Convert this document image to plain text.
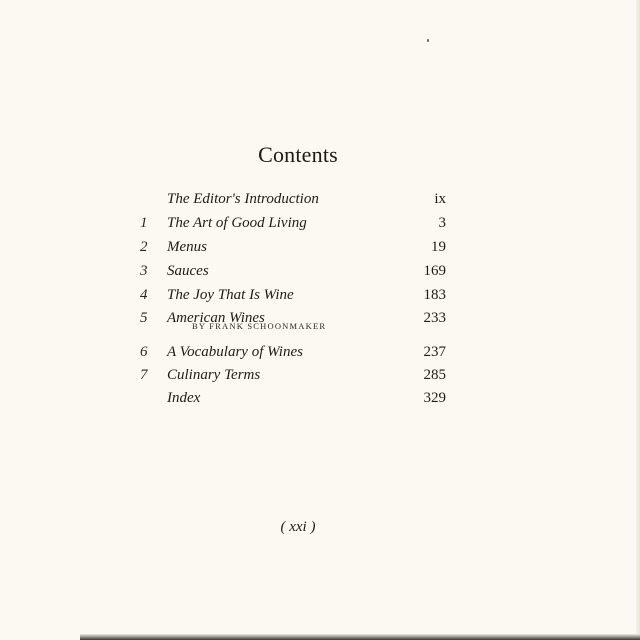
Contents
The Editor's Introduction	ix
1 The Art of Good Living	3
2 Menus	19
3 Sauces	169
4 The Joy That Is Wine	183
5 American Wines	233
BY FRANK SCHOONMAKER
6 A Vocabulary of Wines	237
7 Culinary Terms	285
Index	329
( xxi )
